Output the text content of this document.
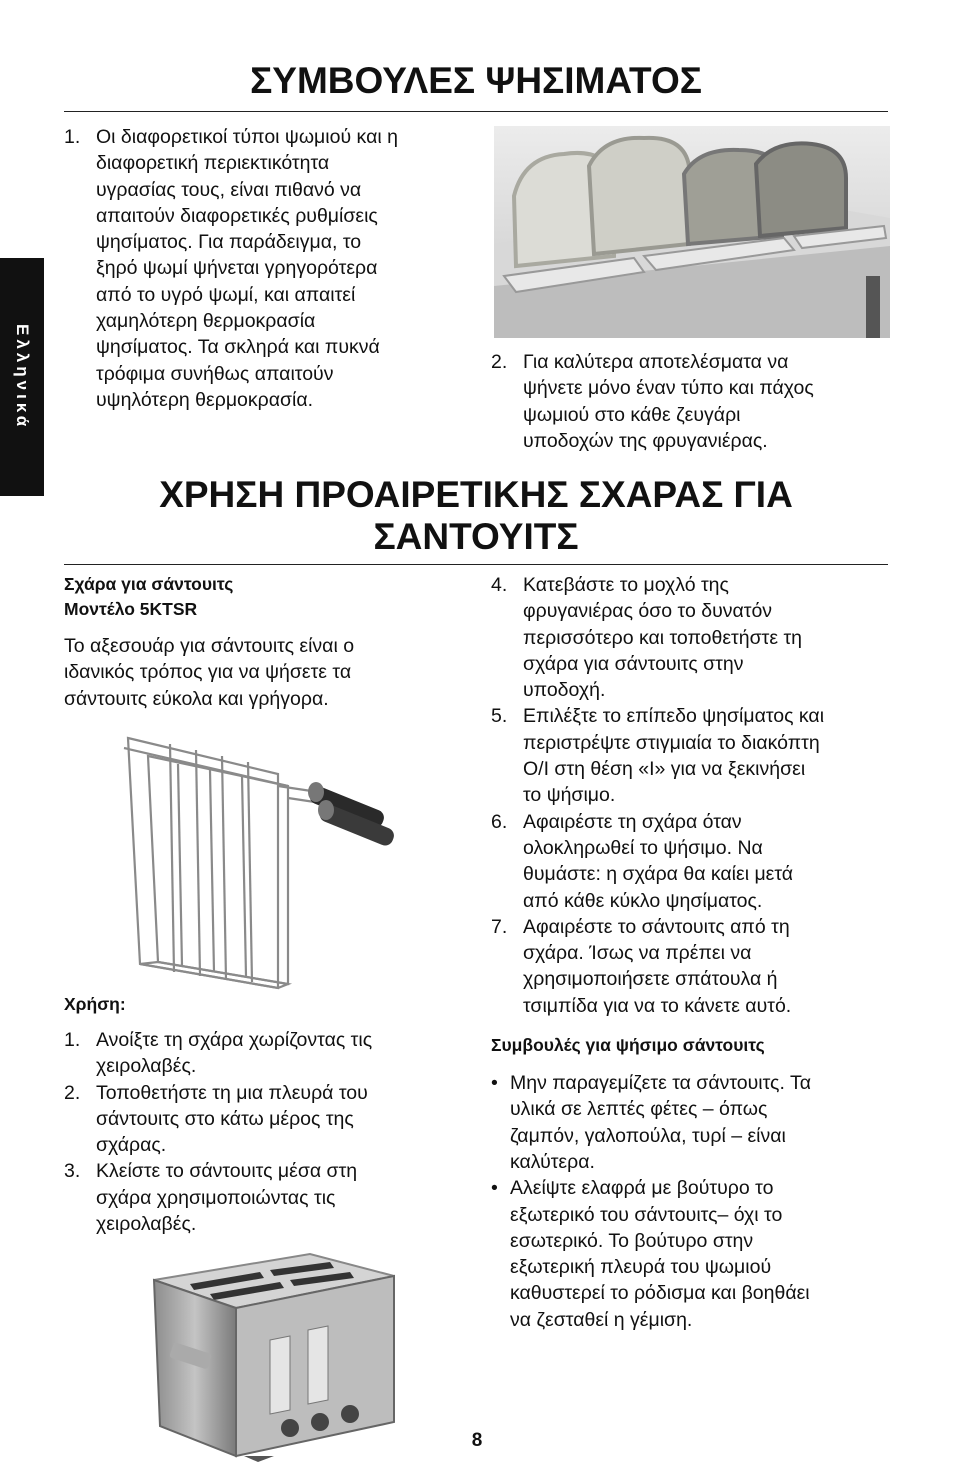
Ελληνικά
ΣΥΜΒΟΥΛΕΣ ΨΗΣΙΜΑΤΟΣ
1. Οι διαφορετικοί τύποι ψωμιού και η
διαφορετική περιεκτικότητα
υγρασίας τους, είναι πιθανό να
απαιτούν διαφορετικές ρυθμίσεις
ψησίματος. Για παράδειγμα, το
ξηρό ψωμί ψήνεται γρηγορότερα
από το υγρό ψωμί, και απαιτεί
χαμηλότερη θερμοκρασία
ψησίματος. Τα σκληρά και πυκνά
τρόφιμα συνήθως απαιτούν
υψηλότερη θερμοκρασία.
2. Για καλύτερα αποτελέσματα να
ψήνετε μόνο έναν τύπο και πάχος
ψωμιού στο κάθε ζευγάρι
υποδοχών της φρυγανιέρας.
ΧΡΗΣΗ ΠΡΟΑΙΡΕΤΙΚΗΣ ΣΧΑΡΑΣ ΓΙΑ
ΣΑΝΤΟΥΙΤΣ
Σχάρα για σάντουιτς
Μοντέλο 5KTSR
Το αξεσουάρ για σάντουιτς είναι ο
ιδανικός τρόπος για να ψήσετε τα
σάντουιτς εύκολα και γρήγορα.
Χρήση:
1. Ανοίξτε τη σχάρα χωρίζοντας τις
χειρολαβές.
2. Τοποθετήστε τη μια πλευρά του
σάντουιτς στο κάτω μέρος της
σχάρας.
3. Κλείστε το σάντουιτς μέσα στη
σχάρα χρησιμοποιώντας τις
χειρολαβές.
4. Κατεβάστε το μοχλό της
φρυγανιέρας όσο το δυνατόν
περισσότερο και τοποθετήστε τη
σχάρα για σάντουιτς στην
υποδοχή.
5. Επιλέξτε το επίπεδο ψησίματος και
περιστρέψτε στιγμιαία το διακόπτη
O/I στη θέση «I» για να ξεκινήσει
το ψήσιμο.
6. Αφαιρέστε τη σχάρα όταν
ολοκληρωθεί το ψήσιμο. Να
θυμάστε: η σχάρα θα καίει μετά
από κάθε κύκλο ψησίματος.
7. Αφαιρέστε το σάντουιτς από τη
σχάρα. Ίσως να πρέπει να
χρησιμοποιήσετε σπάτουλα ή
τσιμπίδα για να το κάνετε αυτό.
Συμβουλές για ψήσιμο σάντουιτς
• Μην παραγεμίζετε τα σάντουιτς. Τα
υλικά σε λεπτές φέτες – όπως
ζαμπόν, γαλοπούλα, τυρί – είναι
καλύτερα.
• Αλείψτε ελαφρά με βούτυρο το
εξωτερικό του σάντουιτς– όχι το
εσωτερικό. Το βούτυρο στην
εξωτερική πλευρά του ψωμιού
καθυστερεί το ρόδισμα και βοηθάει
να ζεσταθεί η γέμιση.
8
